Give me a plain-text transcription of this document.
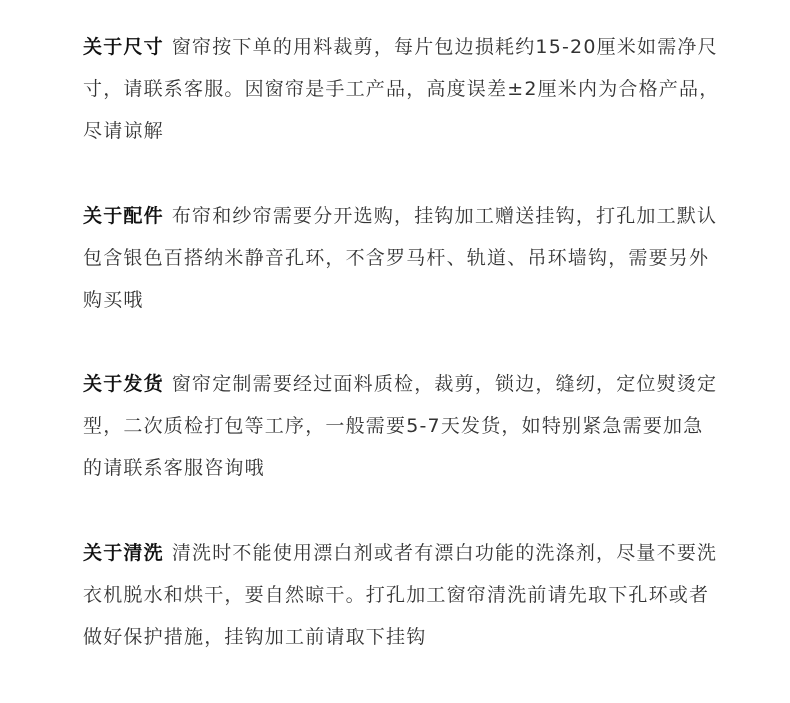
关于尺寸 窗帘按下单的用料裁剪，每片包边损耗约15-20厘米如需净尺寸，请联系客服。因窗帘是手工产品，高度误差±2厘米内为合格产品，尽请谅解
关于配件 布帘和纱帘需要分开选购，挂钩加工赠送挂钩，打孔加工默认包含银色百搭纳米静音孔环，不含罗马杆、轨道、吊环墙钩，需要另外购买哦
关于发货 窗帘定制需要经过面料质检，裁剪，锁边，缝纫，定位熨烫定型，二次质检打包等工序，一般需要5-7天发货，如特别紧急需要加急的请联系客服咨询哦
关于清洗 清洗时不能使用漂白剂或者有漂白功能的洗涤剂，尽量不要洗衣机脱水和烘干，要自然晾干。打孔加工窗帘清洗前请先取下孔环或者做好保护措施，挂钩加工前请取下挂钩
